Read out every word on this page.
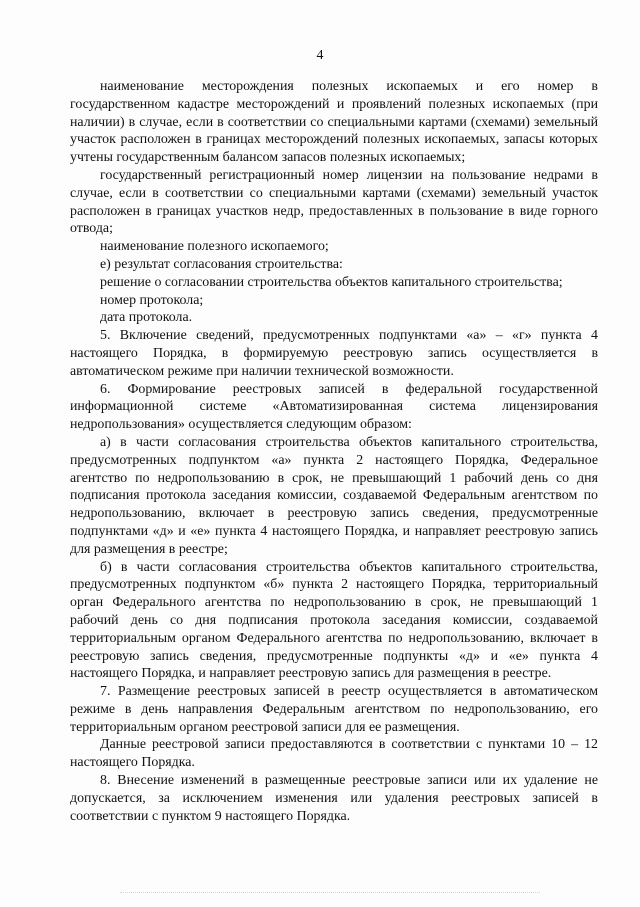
4

наименование месторождения полезных ископаемых и его номер в государственном кадастре месторождений и проявлений полезных ископаемых (при наличии) в случае, если в соответствии со специальными картами (схемами) земельный участок расположен в границах месторождений полезных ископаемых, запасы которых учтены государственным балансом запасов полезных ископаемых;

государственный регистрационный номер лицензии на пользование недрами в случае, если в соответствии со специальными картами (схемами) земельный участок расположен в границах участков недр, предоставленных в пользование в виде горного отвода;

наименование полезного ископаемого;

е) результат согласования строительства:

решение о согласовании строительства объектов капитального строительства;

номер протокола;

дата протокола.

5. Включение сведений, предусмотренных подпунктами «а» – «г» пункта 4 настоящего Порядка, в формируемую реестровую запись осуществляется в автоматическом режиме при наличии технической возможности.

6. Формирование реестровых записей в федеральной государственной информационной системе «Автоматизированная система лицензирования недропользования» осуществляется следующим образом:

а) в части согласования строительства объектов капитального строительства, предусмотренных подпунктом «а» пункта 2 настоящего Порядка, Федеральное агентство по недропользованию в срок, не превышающий 1 рабочий день со дня подписания протокола заседания комиссии, создаваемой Федеральным агентством по недропользованию, включает в реестровую запись сведения, предусмотренные подпунктами «д» и «е» пункта 4 настоящего Порядка, и направляет реестровую запись для размещения в реестре;

б) в части согласования строительства объектов капитального строительства, предусмотренных подпунктом «б» пункта 2 настоящего Порядка, территориальный орган Федерального агентства по недропользованию в срок, не превышающий 1 рабочий день со дня подписания протокола заседания комиссии, создаваемой территориальным органом Федерального агентства по недропользованию, включает в реестровую запись сведения, предусмотренные подпункты «д» и «е» пункта 4 настоящего Порядка, и направляет реестровую запись для размещения в реестре.

7. Размещение реестровых записей в реестр осуществляется в автоматическом режиме в день направления Федеральным агентством по недропользованию, его территориальным органом реестровой записи для ее размещения.

Данные реестровой записи предоставляются в соответствии с пунктами 10 – 12 настоящего Порядка.

8. Внесение изменений в размещенные реестровые записи или их удаление не допускается, за исключением изменения или удаления реестровых записей в соответствии с пунктом 9 настоящего Порядка.
